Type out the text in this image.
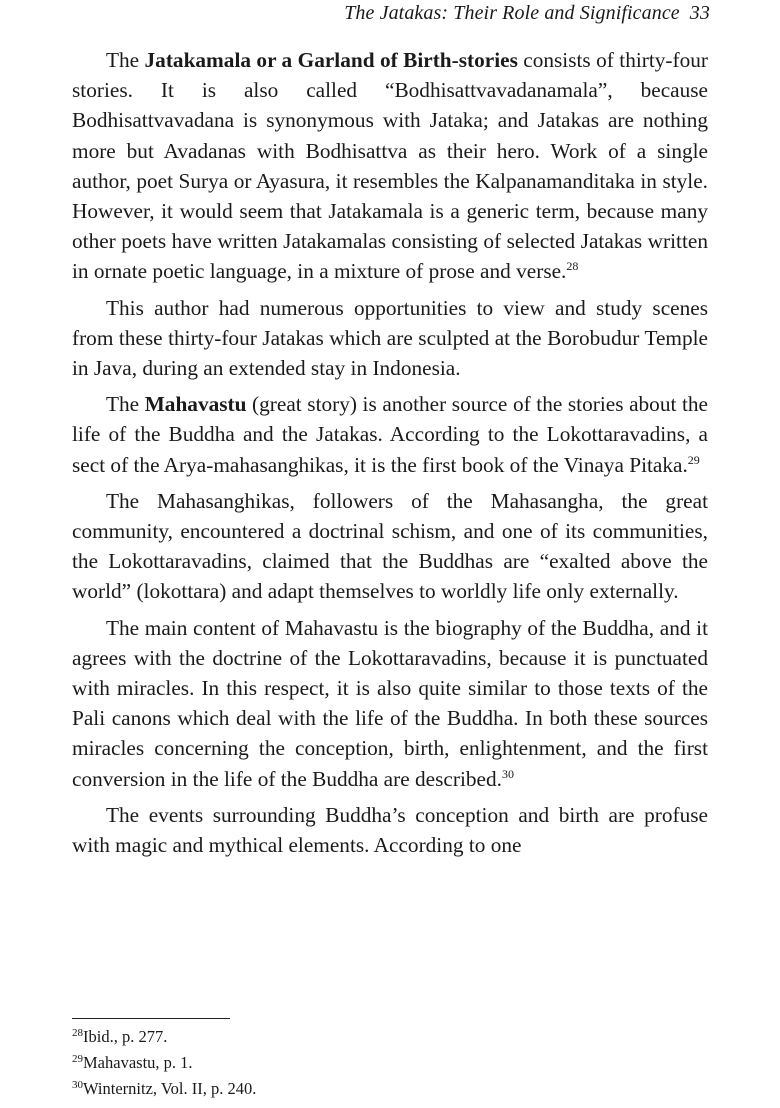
The Jatakas: Their Role and Significance 33

The Jatakamala or a Garland of Birth-stories consists of thirty-four stories. It is also called “Bodhisattvavadanamala”, because Bodhisattvavadana is synonymous with Jataka; and Jatakas are nothing more but Avadanas with Bodhisattva as their hero. Work of a single author, poet Surya or Ayasura, it resembles the Kalpanamanditaka in style. However, it would seem that Jatakamala is a generic term, because many other poets have written Jatakamalas consisting of selected Jatakas written in ornate poetic language, in a mixture of prose and verse.$^{28}$

This author had numerous opportunities to view and study scenes from these thirty-four Jatakas which are sculpted at the Borobudur Temple in Java, during an extended stay in Indonesia.

The Mahavastu (great story) is another source of the stories about the life of the Buddha and the Jatakas. According to the Lokottaravadins, a sect of the Arya-mahasanghikas, it is the first book of the Vinaya Pitaka.$^{29}$

The Mahasanghikas, followers of the Mahasangha, the great community, encountered a doctrinal schism, and one of its communities, the Lokottaravadins, claimed that the Buddhas are “exalted above the world” (lokottara) and adapt themselves to worldly life only externally.

The main content of Mahavastu is the biography of the Buddha, and it agrees with the doctrine of the Lokottaravadins, because it is punctuated with miracles. In this respect, it is also quite similar to those texts of the Pali canons which deal with the life of the Buddha. In both these sources miracles concerning the conception, birth, enlightenment, and the first conversion in the life of the Buddha are described.$^{30}$

The events surrounding Buddha’s conception and birth are profuse with magic and mythical elements. According to one

$^{28}$Ibid., p. 277.
$^{29}$Mahavastu, p. 1.
$^{30}$Winternitz, Vol. II, p. 240.
